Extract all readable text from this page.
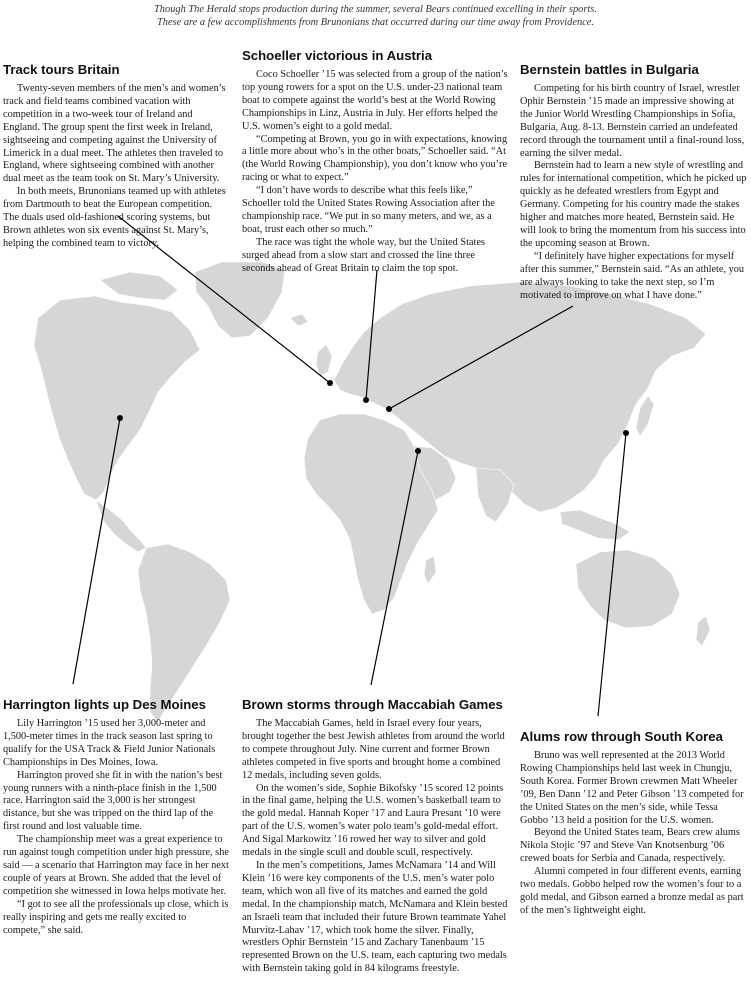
Though The Herald stops production during the summer, several Bears continued excelling in their sports.
These are a few accomplishments from Brunonians that occurred during our time away from Providence.
Track tours Britain

Twenty-seven members of the men’s and women’s track and field teams combined vacation with competition in a two-week tour of Ireland and England. The group spent the first week in Ireland, sightseeing and competing against the University of Limerick in a dual meet. The athletes then traveled to England, where sightseeing combined with another dual meet as the team took on St. Mary’s University.

In both meets, Brunonians teamed up with athletes from Dartmouth to beat the European competition. The duals used old-fashioned scoring systems, but Brown athletes won six events against St. Mary’s, helping the combined team to victory.

Schoeller victorious in Austria

Coco Schoeller ’15 was selected from a group of the nation’s top young rowers for a spot on the U.S. under-23 national team boat to compete against the world’s best at the World Rowing Championships in Linz, Austria in July. Her efforts helped the U.S. women’s eight to a gold medal.

“Competing at Brown, you go in with expectations, knowing a little more about who’s in the other boats,” Schoeller said. “At (the World Rowing Championship), you don’t know who you’re racing or what to expect.”

“I don’t have words to describe what this feels like,” Schoeller told the United States Rowing Association after the championship race. “We put in so many meters, and we, as a boat, trust each other so much.”

The race was tight the whole way, but the United States surged ahead from a slow start and crossed the line three seconds ahead of Great Britain to claim the top spot.

Bernstein battles in Bulgaria

Competing for his birth country of Israel, wrestler Ophir Bernstein ’15 made an impressive showing at the Junior World Wrestling Championships in Sofia, Bulgaria, Aug. 8-13. Bernstein carried an undefeated record through the tournament until a final-round loss, earning the silver medal.

Bernstein had to learn a new style of wrestling and rules for international competition, which he picked up quickly as he defeated wrestlers from Egypt and Germany. Competing for his country made the stakes higher and matches more heated, Bernstein said. He will look to bring the momentum from his success into the upcoming season at Brown.

“I definitely have higher expectations for myself after this summer,” Bernstein said. “As an athlete, you are always looking to take the next step, so I’m motivated to improve on what I have done.”

Harrington lights up Des Moines

Lily Harrington ’15 used her 3,000-meter and 1,500-meter times in the track season last spring to qualify for the USA Track & Field Junior Nationals Championships in Des Moines, Iowa.

Harrington proved she fit in with the nation’s best young runners with a ninth-place finish in the 1,500 race. Harrington said the 3,000 is her strongest distance, but she was tripped on the third lap of the first round and lost valuable time.

The championship meet was a great experience to run against tough competition under high pressure, she said — a scenario that Harrington may face in her next couple of years at Brown. She added that the level of competition she witnessed in Iowa helps motivate her.

“I got to see all the professionals up close, which is really inspiring and gets me really excited to compete,” she said.

Brown storms through Maccabiah Games

The Maccabiah Games, held in Israel every four years, brought together the best Jewish athletes from around the world to compete throughout July. Nine current and former Brown athletes competed in five sports and brought home a combined 12 medals, including seven golds.

On the women’s side, Sophie Bikofsky ’15 scored 12 points in the final game, helping the U.S. women’s basketball team to the gold medal. Hannah Koper ’17 and Laura Presant ’10 were part of the U.S. women’s water polo team’s gold-medal effort. And Sigal Markowitz ’16 rowed her way to silver and gold medals in the single scull and double scull, respectively.

In the men’s competitions, James McNamara ’14 and Will Klein ’16 were key components of the U.S. men’s water polo team, which won all five of its matches and earned the gold medal. In the championship match, McNamara and Klein bested an Israeli team that included their future Brown teammate Yahel Murvitz-Lahav ’17, which took home the silver. Finally, wrestlers Ophir Bernstein ’15 and Zachary Tanenbaum ’15 represented Brown on the U.S. team, each capturing two medals with Bernstein taking gold in 84 kilograms freestyle.

Alums row through South Korea

Bruno was well represented at the 2013 World Rowing Championships held last week in Chungju, South Korea. Former Brown crewmen Matt Wheeler ’09, Ben Dann ’12 and Peter Gibson ’13 competed for the United States on the men’s side, while Tessa Gobbo ’13 held a position for the U.S. women.

Beyond the United States team, Bears crew alums Nikola Stojic ’97 and Steve Van Knotsenburg ’06 crewed boats for Serbia and Canada, respectively.

Alumni competed in four different events, earning two medals. Gobbo helped row the women’s four to a gold medal, and Gibson earned a bronze medal as part of the men’s lightweight eight.
